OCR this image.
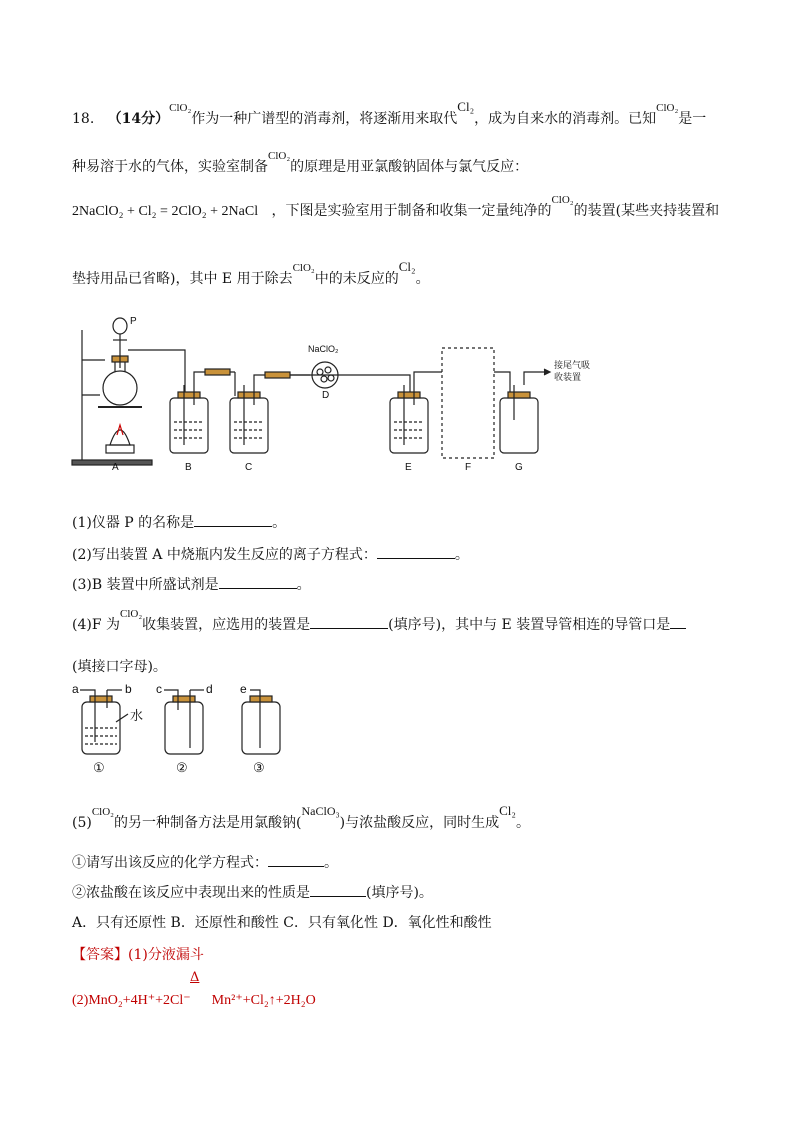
18. （14分）$^{ClO_2}$作为一种广谱型的消毒剂，将逐渐用来取代Cl₂，成为自来水的消毒剂。已知$^{ClO_2}$是一
种易溶于水的气体，实验室制备$^{ClO_2}$的原理是用亚氯酸钠固体与氯气反应：
2NaClO₂ + Cl₂ = 2ClO₂ + 2NaCl ，下图是实验室用于制备和收集一定量纯净的$^{ClO_2}$的装置(某些夹持装置和
垫持用品已省略)，其中 E 用于除去$^{ClO_2}$中的未反应的Cl₂。
A	B	C
D
E	F	G
P
NaClO₂
接尾气吸
收装置
(1)仪器 P 的名称是	。
(2)写出装置 A 中烧瓶内发生反应的离子方程式：	。
(3)B 装置中所盛试剂是	。
(4)F 为$^{ClO_2}$收集装置，应选用的装置是	(填序号)，其中与 E 装置导管相连的导管口是
(填接口字母)。
a	b c	d e
水
①	②	③
$(5)^{ClO_2}$的另一种制备方法是用氯酸钠(NaClO₃)与浓盐酸反应，同时生成Cl₂。
①请写出该反应的化学方程式：	。
②浓盐酸在该反应中表现出来的性质是	(填序号)。
A．只有还原性 B．还原性和酸性 C．只有氧化性 D．氧化性和酸性
【答案】(1)分液漏斗
Δ
(2)MnO₂+4H⁺+2Cl⁻ Mn²⁺+Cl₂↑+2H₂O
